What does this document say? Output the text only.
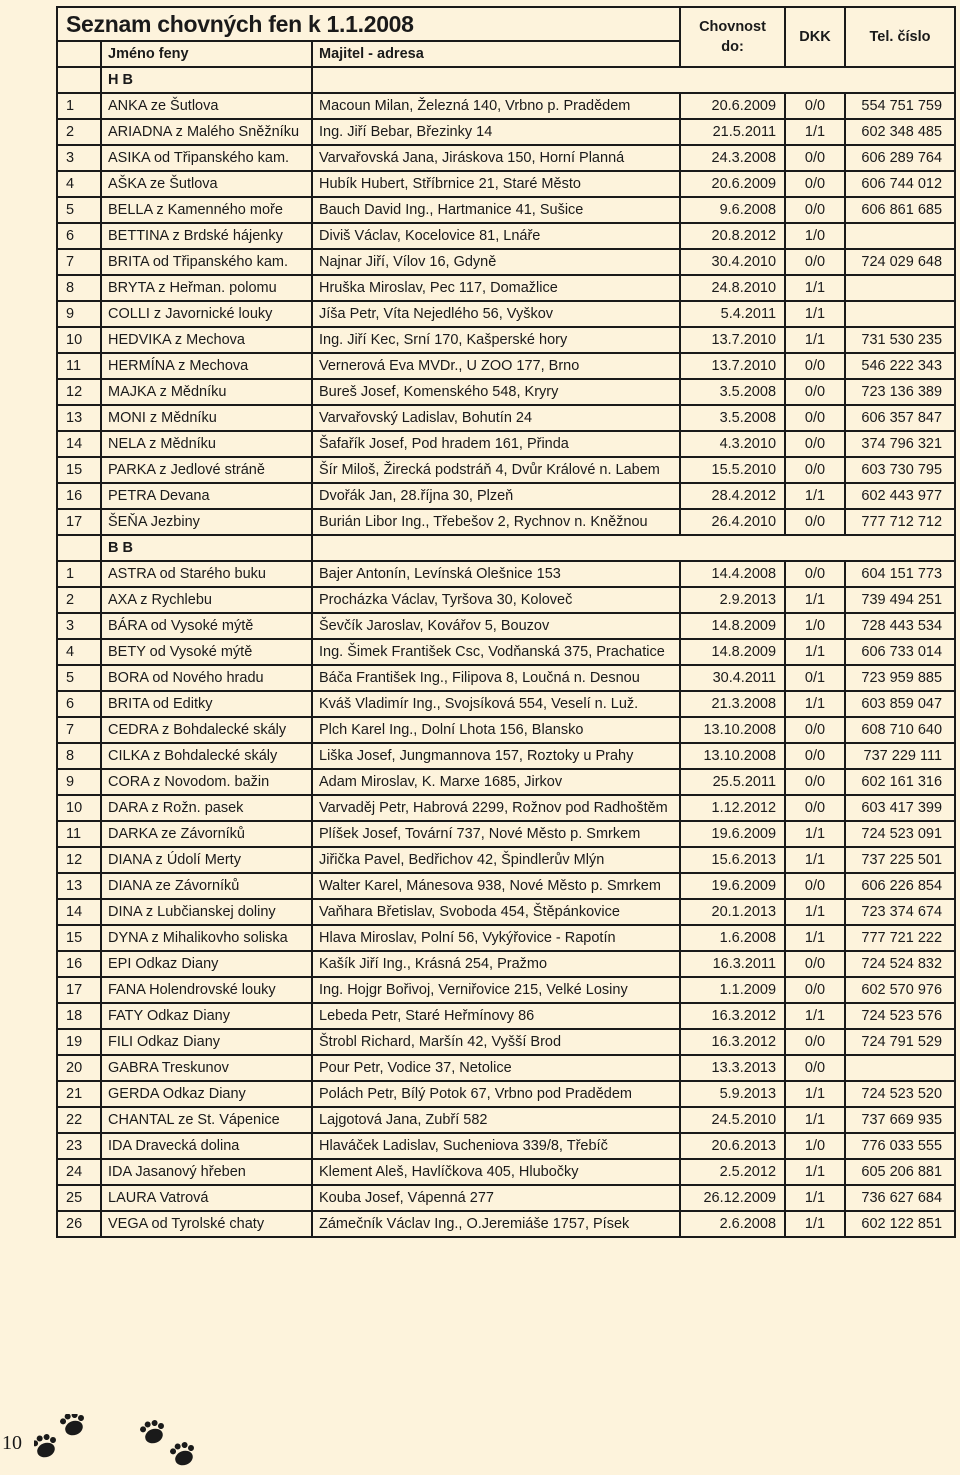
Seznam chovných fen k 1.1.2008			Chovnost
do:	DKK	Tel. číslo
	Jméno feny	Majitel - adresa			
	H B				
1	ANKA ze Šutlova	Macoun Milan, Železná 140, Vrbno p. Pradědem	20.6.2009	0/0	554 751 759
2	ARIADNA z Malého Sněžníku	Ing. Jiří Bebar, Březinky 14	21.5.2011	1/1	602 348 485
3	ASIKA od Třipanského kam.	Varvařovská Jana, Jiráskova 150, Horní Planná	24.3.2008	0/0	606 289 764
4	AŠKA ze Šutlova	Hubík Hubert, Stříbrnice 21, Staré Město	20.6.2009	0/0	606 744 012
5	BELLA z Kamenného moře	Bauch David Ing., Hartmanice 41, Sušice	9.6.2008	0/0	606 861 685
6	BETTINA z Brdské hájenky	Diviš Václav, Kocelovice 81, Lnáře	20.8.2012	1/0	
7	BRITA od Třipanského kam.	Najnar Jiří, Vílov 16, Gdyně	30.4.2010	0/0	724 029 648
8	BRYTA z Heřman. polomu	Hruška Miroslav, Pec 117, Domažlice	24.8.2010	1/1	
9	COLLI z Javornické louky	Jíša Petr, Víta Nejedlého 56, Vyškov	5.4.2011	1/1	
10	HEDVIKA z Mechova	Ing. Jiří Kec, Srní 170, Kašperské hory	13.7.2010	1/1	731 530 235
11	HERMÍNA z Mechova	Vernerová Eva MVDr., U ZOO 177, Brno	13.7.2010	0/0	546 222 343
12	MAJKA z Mědníku	Bureš Josef, Komenského 548, Kryry	3.5.2008	0/0	723 136 389
13	MONI z Mědníku	Varvařovský Ladislav, Bohutín 24	3.5.2008	0/0	606 357 847
14	NELA z Mědníku	Šafařík Josef, Pod hradem 161, Přinda	4.3.2010	0/0	374 796 321
15	PARKA z Jedlové stráně	Šír Miloš, Žirecká podstráň 4, Dvůr Králové n. Labem	15.5.2010	0/0	603 730 795
16	PETRA Devana	Dvořák Jan, 28.října 30, Plzeň	28.4.2012	1/1	602 443 977
17	ŠEŇA Jezbiny	Burián Libor Ing., Třebešov 2, Rychnov n. Kněžnou	26.4.2010	0/0	777 712 712
	B B				
1	ASTRA od Starého buku	Bajer Antonín, Levínská Olešnice 153	14.4.2008	0/0	604 151 773
2	AXA z Rychlebu	Procházka Václav, Tyršova 30, Koloveč	2.9.2013	1/1	739 494 251
3	BÁRA od Vysoké mýtě	Ševčík Jaroslav, Kovářov 5, Bouzov	14.8.2009	1/0	728 443 534
4	BETY od Vysoké mýtě	Ing. Šimek František Csc, Vodňanská 375, Prachatice	14.8.2009	1/1	606 733 014
5	BORA od Nového hradu	Báča František Ing., Filipova 8, Loučná n. Desnou	30.4.2011	0/1	723 959 885
6	BRITA od Editky	Kváš Vladimír Ing., Svojsíková 554, Veselí n. Luž.	21.3.2008	1/1	603 859 047
7	CEDRA z Bohdalecké skály	Plch Karel Ing., Dolní Lhota 156, Blansko	13.10.2008	0/0	608 710 640
8	CILKA z Bohdalecké skály	Liška Josef, Jungmannova 157, Roztoky u Prahy	13.10.2008	0/0	737 229 111
9	CORA z Novodom. bažin	Adam Miroslav, K. Marxe 1685, Jirkov	25.5.2011	0/0	602 161 316
10	DARA z Rožn. pasek	Varvaděj Petr, Habrová 2299, Rožnov pod Radhoštěm	1.12.2012	0/0	603 417 399
11	DARKA ze Závorníků	Plíšek Josef, Tovární 737, Nové Město p. Smrkem	19.6.2009	1/1	724 523 091
12	DIANA z Údolí Merty	Jiřička Pavel, Bedřichov 42, Špindlerův Mlýn	15.6.2013	1/1	737 225 501
13	DIANA ze Závorníků	Walter Karel, Mánesova 938, Nové Město p. Smrkem	19.6.2009	0/0	606 226 854
14	DINA z Lubčianskej doliny	Vaňhara Břetislav, Svoboda 454, Štěpánkovice	20.1.2013	1/1	723 374 674
15	DYNA z Mihalikovho soliska	Hlava Miroslav, Polní 56, Vykýřovice - Rapotín	1.6.2008	1/1	777 721 222
16	EPI Odkaz Diany	Kašík Jiří Ing., Krásná 254, Pražmo	16.3.2011	0/0	724 524 832
17	FANA Holendrovské louky	Ing. Hojgr Bořivoj, Verniřovice 215, Velké Losiny	1.1.2009	0/0	602 570 976
18	FATY Odkaz Diany	Lebeda Petr, Staré Heřmínovy 86	16.3.2012	1/1	724 523 576
19	FILI Odkaz Diany	Štrobl Richard, Maršín 42, Vyšší Brod	16.3.2012	0/0	724 791 529
20	GABRA Treskunov	Pour Petr, Vodice 37, Netolice	13.3.2013	0/0	
21	GERDA Odkaz Diany	Polách Petr, Bílý Potok 67, Vrbno pod Pradědem	5.9.2013	1/1	724 523 520
22	CHANTAL ze St. Vápenice	Lajgotová Jana, Zubří 582	24.5.2010	1/1	737 669 935
23	IDA Dravecká dolina	Hlaváček Ladislav, Sucheniova 339/8, Třebíč	20.6.2013	1/0	776 033 555
24	IDA Jasanový hřeben	Klement Aleš, Havlíčkova 405, Hlubočky	2.5.2012	1/1	605 206 881
25	LAURA Vatrová	Kouba Josef, Vápenná 277	26.12.2009	1/1	736 627 684
26	VEGA od Tyrolské chaty	Zámečník Václav Ing., O.Jeremiáše 1757, Písek	2.6.2008	1/1	602 122 851
10
